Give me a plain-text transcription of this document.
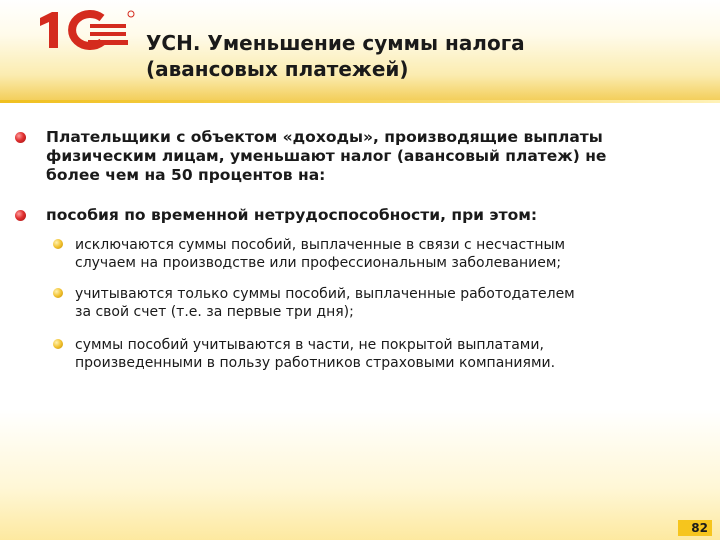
УСН. Уменьшение суммы налога
(авансовых платежей)
Плательщики с объектом «доходы», производящие выплаты
физическим лицам, уменьшают налог (авансовый платеж) не
более чем на 50 процентов на:
пособия по временной нетрудоспособности, при этом:
исключаются суммы пособий, выплаченные в связи с несчастным
случаем на производстве или профессиональным заболеванием;
учитываются только суммы пособий, выплаченные работодателем
за свой счет (т.е. за первые три дня);
суммы пособий учитываются в части, не покрытой выплатами,
произведенными в пользу работников страховыми компаниями.
82
